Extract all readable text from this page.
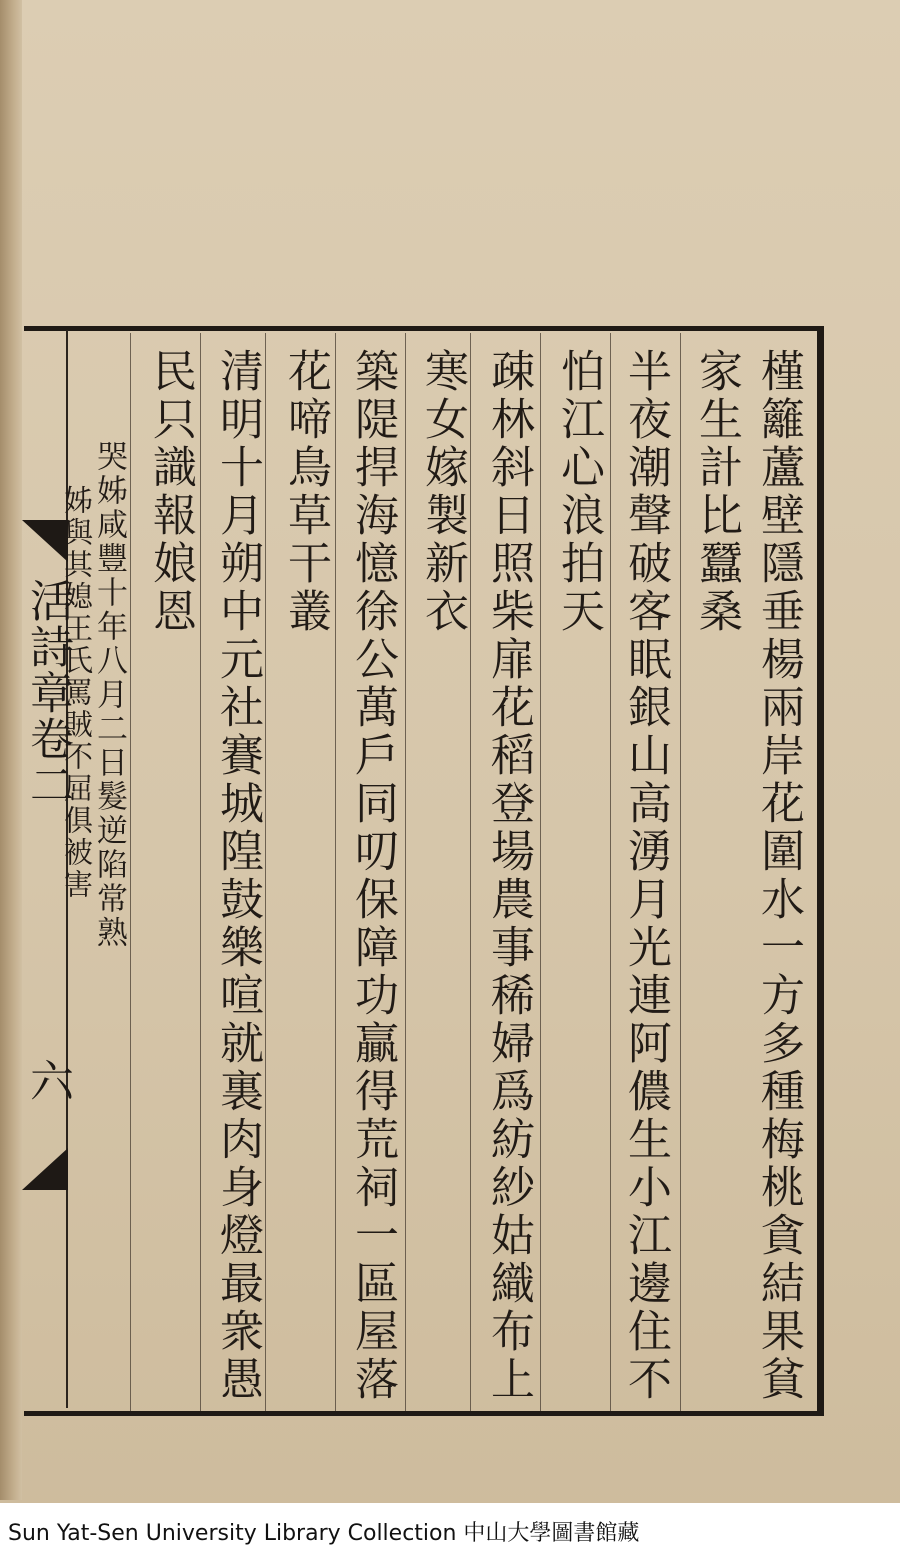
活詩章卷二
六	槿籬蘆壁隱垂楊兩岸花圍水一方多種梅桃貪結果貧
家生計比蠶桑
半夜潮聲破客眠銀山高湧月光連阿儂生小江邊住不
怕江心浪拍天
疎林斜日照柴扉花稻登場農事稀婦爲紡紗姑織布上
寒女嫁製新衣
築隄捍海憶徐公萬戶同叨保障功贏得荒祠一區屋落
花啼鳥草干叢
清明十月朔中元社賽城隍鼓樂喧就裏肉身燈最衆愚
民只識報娘恩
哭姊咸豐十年八月二日髮逆陷常熟
姊與其媳王氏罵賊不屈俱被害
Sun Yat-Sen University Library Collection 中山大學圖書館藏
